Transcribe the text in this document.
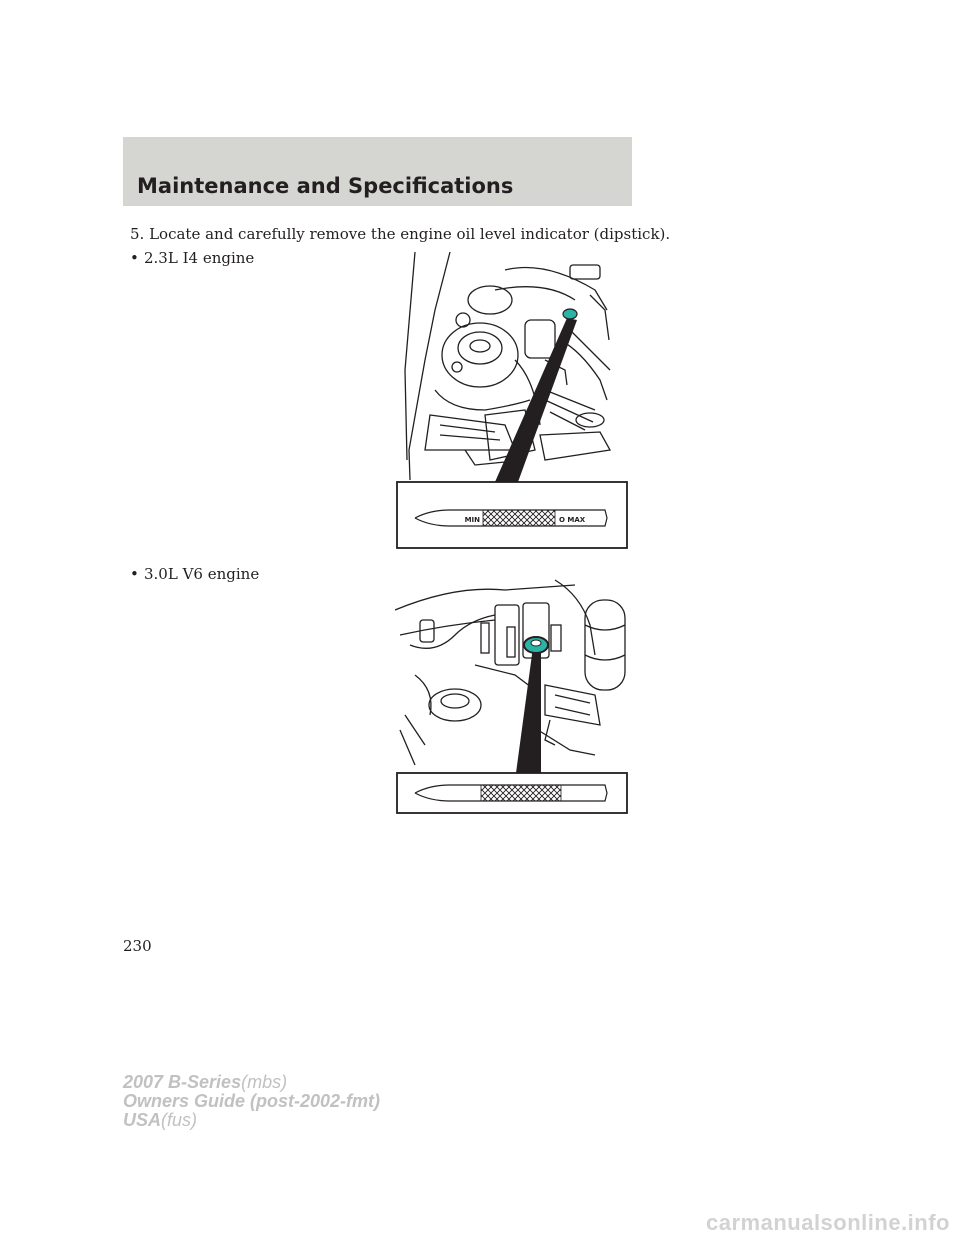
Maintenance and Specifications

5. Locate and carefully remove the engine oil level indicator (dipstick).

• 2.3L I4 engine

• 3.0L V6 engine

MIN	O MAX
230
2007 B-Series(mbs)
Owners Guide (post-2002-fmt)
USA(fus)
carmanualsonline.info
